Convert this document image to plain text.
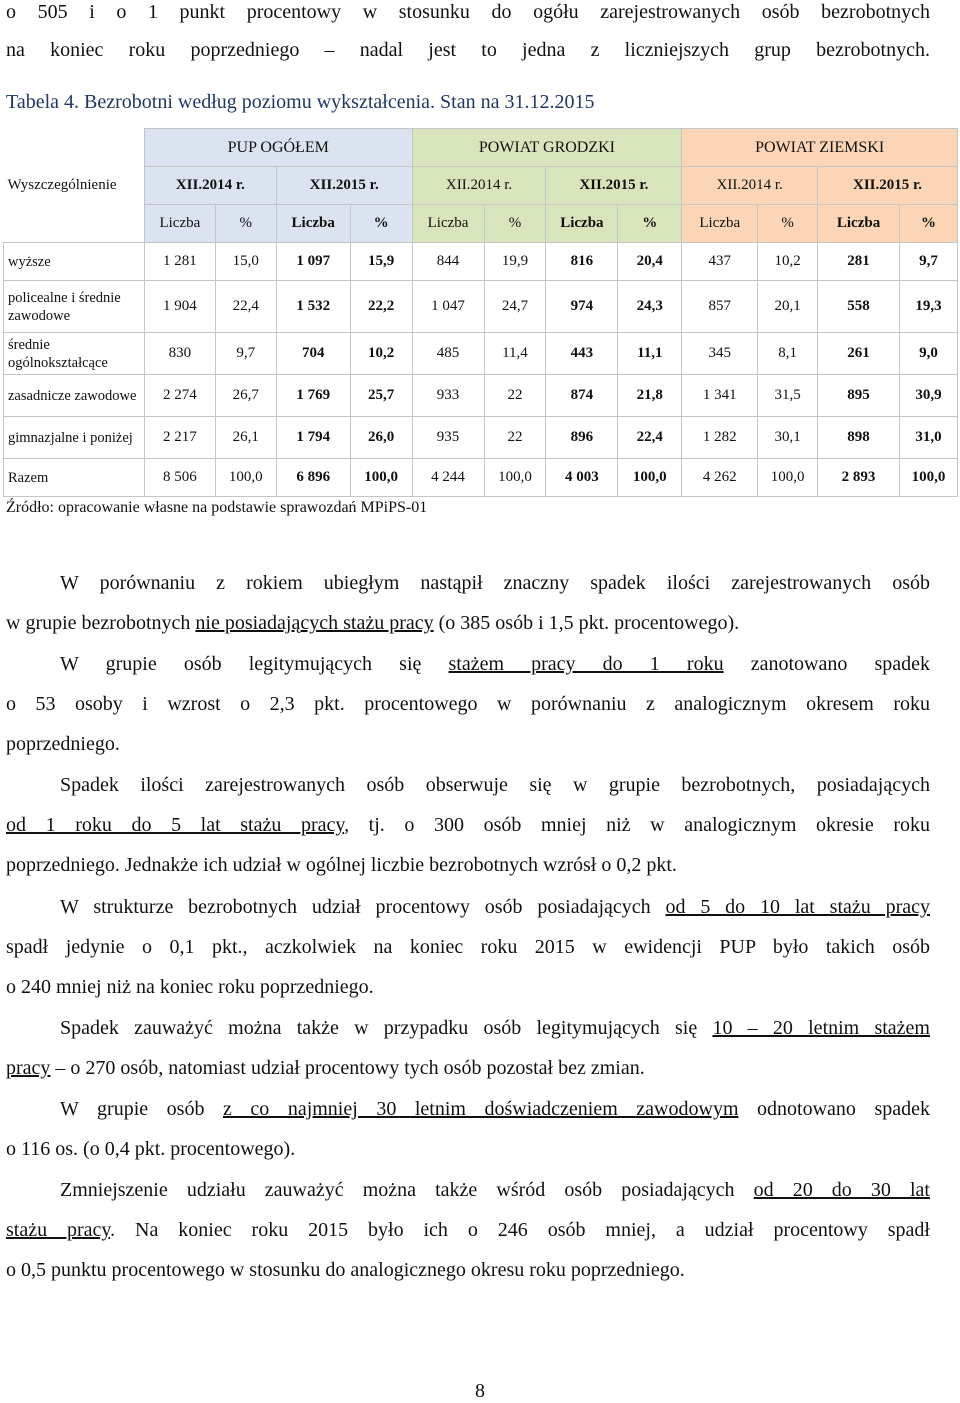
o 505 i o 1 punkt procentowy w stosunku do ogółu zarejestrowanych osób bezrobotnych
na koniec roku poprzedniego – nadal jest to jedna z liczniejszych grup bezrobotnych.
Tabela 4. Bezrobotni według poziomu wykształcenia. Stan na 31.12.2015
Wyszczególnienie	PUP OGÓŁEM				POWIAT GRODZKI				POWIAT ZIEMSKI			
	XII.2014 r.		XII.2015 r.		XII.2014 r.		XII.2015 r.		XII.2014 r.		XII.2015 r.	
	Liczba	%	Liczba	%	Liczba	%	Liczba	%	Liczba	%	Liczba	%
wyższe	1 281	15,0	1 097	15,9	844	19,9	816	20,4	437	10,2	281	9,7
policealne i średnie zawodowe	1 904	22,4	1 532	22,2	1 047	24,7	974	24,3	857	20,1	558	19,3
średnie ogólnokształcące	830	9,7	704	10,2	485	11,4	443	11,1	345	8,1	261	9,0
zasadnicze zawodowe	2 274	26,7	1 769	25,7	933	22	874	21,8	1 341	31,5	895	30,9
gimnazjalne i poniżej	2 217	26,1	1 794	26,0	935	22	896	22,4	1 282	30,1	898	31,0
Razem	8 506	100,0	6 896	100,0	4 244	100,0	4 003	100,0	4 262	100,0	2 893	100,0
Źródło: opracowanie własne na podstawie sprawozdań MPiPS-01
W porównaniu z rokiem ubiegłym nastąpił znaczny spadek ilości zarejestrowanych osób
w grupie bezrobotnych nie posiadających stażu pracy (o 385 osób i 1,5 pkt. procentowego).
W grupie osób legitymujących się stażem pracy do 1 roku zanotowano spadek
o 53 osoby i wzrost o 2,3 pkt. procentowego w porównaniu z analogicznym okresem roku
poprzedniego.
Spadek ilości zarejestrowanych osób obserwuje się w grupie bezrobotnych, posiadających
od 1 roku do 5 lat stażu pracy, tj. o 300 osób mniej niż w analogicznym okresie roku
poprzedniego. Jednakże ich udział w ogólnej liczbie bezrobotnych wzrósł o 0,2 pkt.
W strukturze bezrobotnych udział procentowy osób posiadających od 5 do 10 lat stażu pracy
spadł jedynie o 0,1 pkt., aczkolwiek na koniec roku 2015 w ewidencji PUP było takich osób
o 240 mniej niż na koniec roku poprzedniego.
Spadek zauważyć można także w przypadku osób legitymujących się 10 – 20 letnim stażem
pracy – o 270 osób, natomiast udział procentowy tych osób pozostał bez zmian.
W grupie osób z co najmniej 30 letnim doświadczeniem zawodowym odnotowano spadek
o 116 os. (o 0,4 pkt. procentowego).
Zmniejszenie udziału zauważyć można także wśród osób posiadających od 20 do 30 lat
stażu pracy. Na koniec roku 2015 było ich o 246 osób mniej, a udział procentowy spadł
o 0,5 punktu procentowego w stosunku do analogicznego okresu roku poprzedniego.
8
